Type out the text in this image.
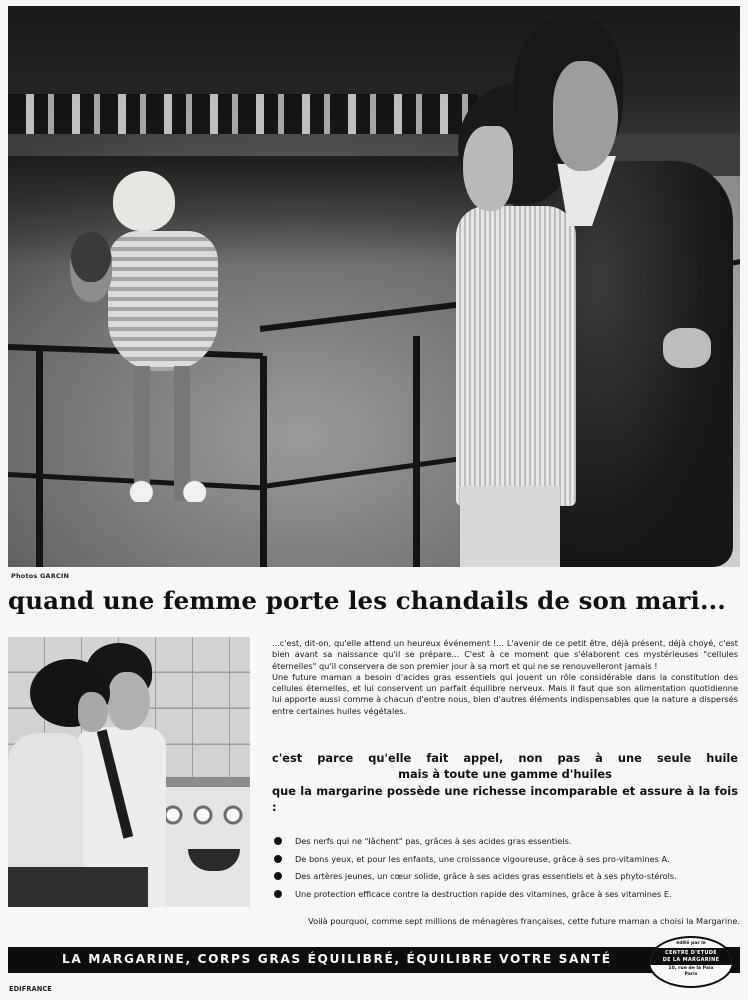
Photos GARCIN
quand une femme porte les chandails de son mari...

...c'est, dit-on, qu'elle attend un heureux événement !... L'avenir de ce petit être, déjà présent, déjà choyé, c'est bien avant sa naissance qu'il se prépare... C'est à ce moment que s'élaborent ces mystérieuses "cellules éternelles" qu'il conservera de son premier jour à sa mort et qui ne se renouvelleront jamais !

Une future maman a besoin d'acides gras essentiels qui jouent un rôle considérable dans la constitution des cellules éternelles, et lui conservent un parfait équilibre nerveux. Mais il faut que son alimentation quotidienne lui apporte aussi comme à chacun d'entre nous, bien d'autres éléments indispensables que la nature a dispersés entre certaines huiles végétales.

c'est parce qu'elle fait appel, non pas à une seule huile
mais à toute une gamme d'huiles
que la margarine possède une richesse incomparable et assure à la fois :
Des nerfs qui ne "lâchent" pas, grâces à ses acides gras essentiels.
De bons yeux, et pour les enfants, une croissance vigoureuse, grâce à ses pro-vitamines A.
Des artères jeunes, un cœur solide, grâce à ses acides gras essentiels et à ses phyto-stérols.
Une protection efficace contre la destruction rapide des vitamines, grâce à ses vitamines E.
Voilà pourquoi, comme sept millions de ménagères françaises, cette future maman a choisi la Margarine.
LA MARGARINE, CORPS GRAS ÉQUILIBRÉ, ÉQUILIBRE VOTRE SANTÉ
édité par le
CENTRE D'ETUDE
DE LA MARGARINE
10, rue de la Paix
Paris
EDIFRANCE
